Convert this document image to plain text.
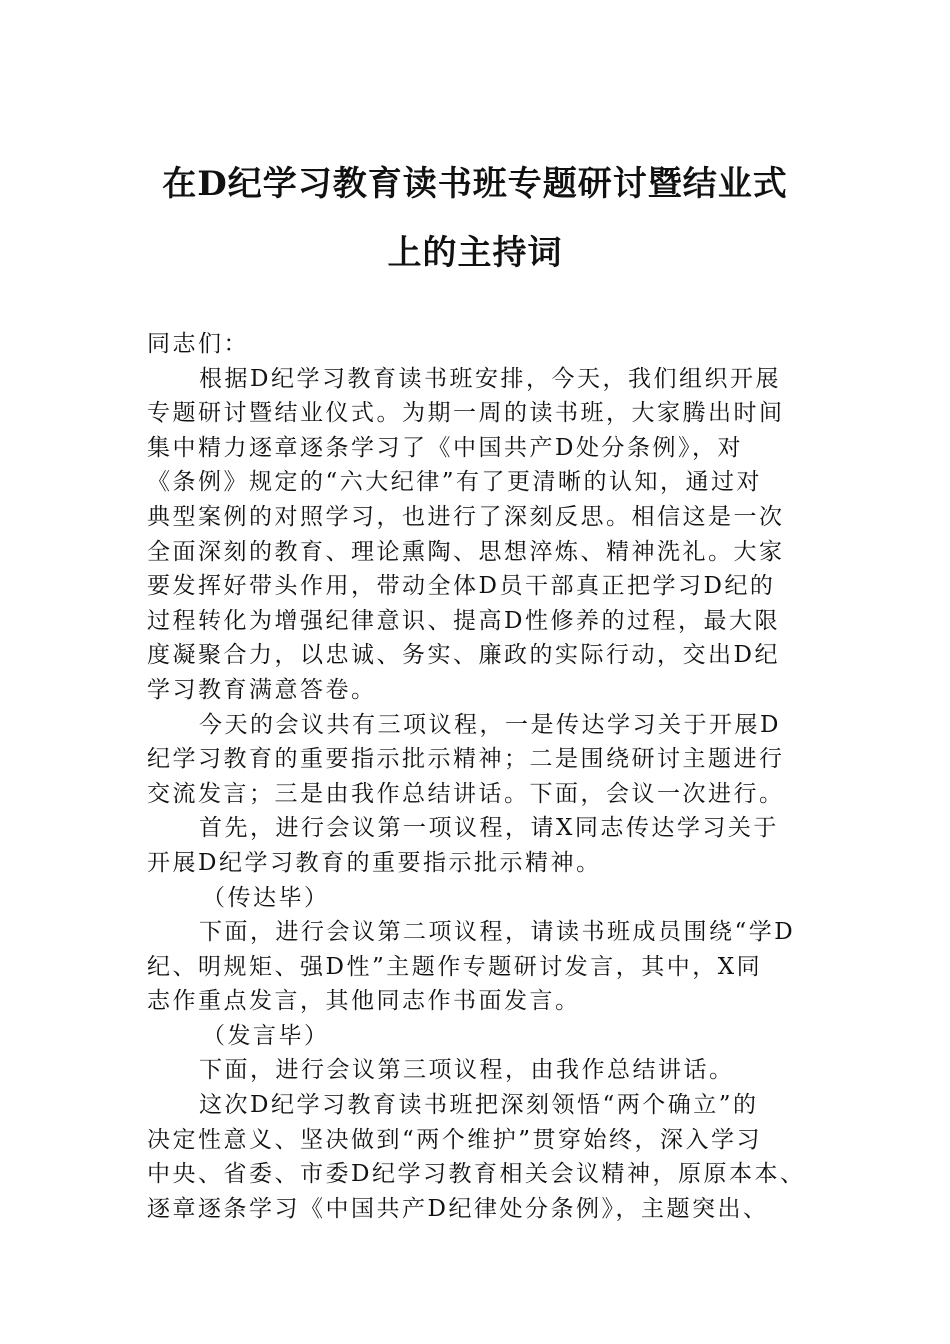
在D纪学习教育读书班专题研讨暨结业式
上的主持词
同志们：
根据D纪学习教育读书班安排，今天，我们组织开展
专题研讨暨结业仪式。为期一周的读书班，大家腾出时间
集中精力逐章逐条学习了《中国共产D处分条例》，对
《条例》规定的“六大纪律”有了更清晰的认知，通过对
典型案例的对照学习，也进行了深刻反思。相信这是一次
全面深刻的教育、理论熏陶、思想淬炼、精神洗礼。大家
要发挥好带头作用，带动全体D员干部真正把学习D纪的
过程转化为增强纪律意识、提高D性修养的过程，最大限
度凝聚合力，以忠诚、务实、廉政的实际行动，交出D纪
学习教育满意答卷。
今天的会议共有三项议程，一是传达学习关于开展D
纪学习教育的重要指示批示精神；二是围绕研讨主题进行
交流发言；三是由我作总结讲话。下面，会议一次进行。
首先，进行会议第一项议程，请X同志传达学习关于
开展D纪学习教育的重要指示批示精神。
（传达毕）
下面，进行会议第二项议程，请读书班成员围绕“学D
纪、明规矩、强D性”主题作专题研讨发言，其中，X同
志作重点发言，其他同志作书面发言。
（发言毕）
下面，进行会议第三项议程，由我作总结讲话。
这次D纪学习教育读书班把深刻领悟“两个确立”的
决定性意义、坚决做到“两个维护”贯穿始终，深入学习
中央、省委、市委D纪学习教育相关会议精神，原原本本、
逐章逐条学习《中国共产D纪律处分条例》，主题突出、
